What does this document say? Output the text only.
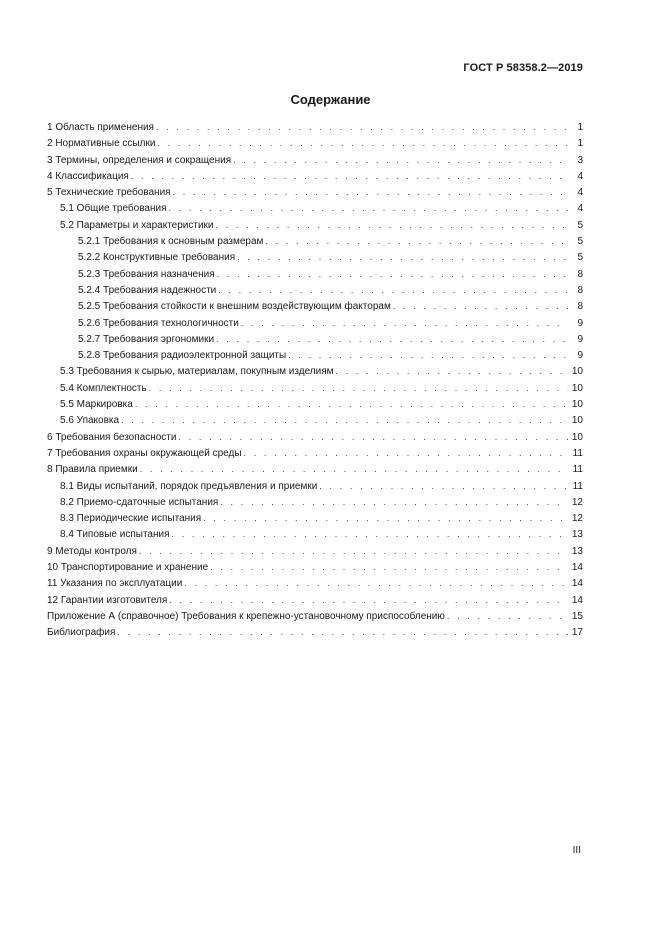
ГОСТ Р 58358.2—2019
Содержание
1 Область применения . . .	1
2 Нормативные ссылки . . .	1
3 Термины, определения и сокращения . . .	3
4 Классификация . . .	4
5 Технические требования . . .	4
5.1 Общие требования . . .	4
5.2 Параметры и характеристики . . .	5
5.2.1 Требования к основным размерам . . .	5
5.2.2 Конструктивные требования . . .	5
5.2.3 Требования назначения . . .	8
5.2.4 Требования надежности . . .	8
5.2.5 Требования стойкости к внешним воздействующим факторам . . .	8
5.2.6 Требования технологичности . . .	9
5.2.7 Требования эргономики . . .	9
5.2.8 Требования радиоэлектронной защиты . . .	9
5.3 Требования к сырью, материалам, покупным изделиям . . .	10
5.4 Комплектность . . .	10
5.5 Маркировка . . .	10
5.6 Упаковка . . .	10
6 Требования безопасности . . .	10
7 Требования охраны окружающей среды . . .	11
8 Правила приемки . . .	11
8.1 Виды испытаний, порядок предъявления и приемки . . .	11
8.2 Приемо-сдаточные испытания . . .	12
8.3 Периодические испытания . . .	12
8.4 Типовые испытания . . .	13
9 Методы контроля . . .	13
10 Транспортирование и хранение . . .	14
11 Указания по эксплуатации . . .	14
12 Гарантии изготовителя . . .	14
Приложение А (справочное) Требования к крепежно-установочному приспособлению . . .	15
Библиография . . .	17
III
